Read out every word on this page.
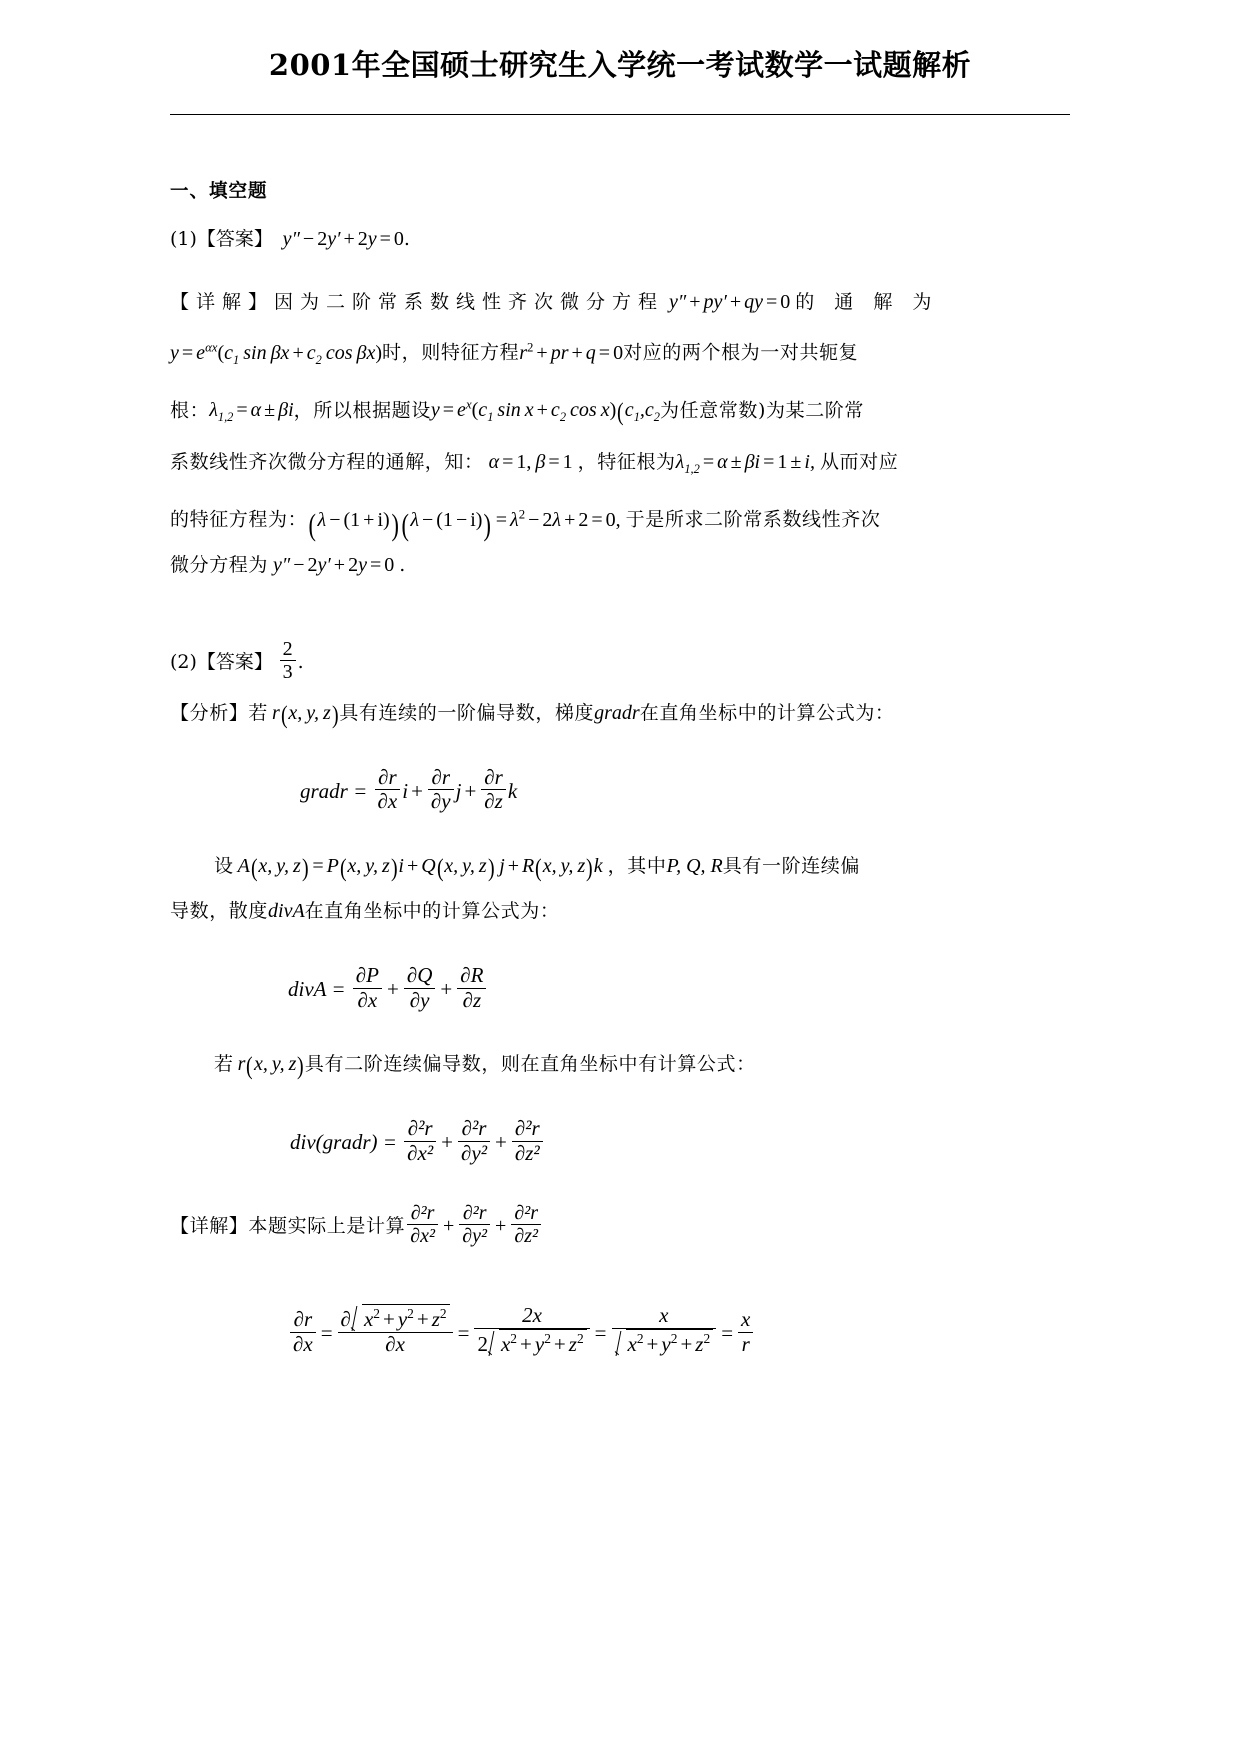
2001年全国硕士研究生入学统一考试数学一试题解析
一、填空题
(1)【答案】  y″ − 2y′ + 2y = 0.
【详解】因为二阶常系数线性齐次微分方程 y″ + py′ + qy = 0 的 通 解 为
$y = e^{\alpha x}(c_1$  $\sin \beta x + c_2$  cos βx)时，则特征方程$r^2$ + pr + q = 0对应的两个根为一对共轭复
根：$\lambda_{1,2} = \alpha \pm \beta i$，所以根据题设$y = e^x(c_1$  $\sin x + c_2$  $\cos x)(c_1,c_2$为任意常数)为某二阶常
系数线性齐次微分方程的通解，知： α = 1, β = 1 ，特征根为$\lambda_{1,2} = \alpha \pm \beta i = 1 \pm i$, 从而对应
的特征方程为：$(\lambda - (1 + i))(\lambda - (1 - i)) = \lambda^2 - 2\lambda + 2 = 0$, 于是所求二阶常系数线性齐次
微分方程为 y″ − 2y′ + 2y = 0 .
(2)【答案】 $\frac{2}{3}$ .
【分析】若 r(x, y, z)具有连续的一阶偏导数，梯度gradr在直角坐标中的计算公式为：
gradr = $\frac{\partial r}{\partial x}$ $i + \frac{\partial r}{\partial y}$ $j + \frac{\partial r}{\partial z}$ k
设 A(x, y, z) = P(x, y, z)i + Q(x, y, z) j + R(x, y, z)k ，其中P, Q, R具有一阶连续偏
导数，散度divA在直角坐标中的计算公式为：
divA = $\frac{\partial P}{\partial x} + \frac{\partial Q}{\partial y} + \frac{\partial R}{\partial z}$
若 r(x, y, z)具有二阶连续偏导数，则在直角坐标中有计算公式：
div(gradr) = $\frac{\text{∂²r}}{\text{∂x²}} + \frac{\text{∂²r}}{\text{∂y²}} + \frac{\text{∂²r}}{\text{∂z²}}$
【详解】本题实际上是计算 $\frac{\text{∂²r}}{\text{∂x²}} + \frac{\text{∂²r}}{\text{∂y²}} + \frac{\text{∂²r}}{\text{∂z²}}$
$\frac{\partial r}{\partial x} = \frac{\partial x^2 + y^2 + z^2}{\partial x} = \frac{2x}{2 x^2 + y^2 + z^2} = \frac{x}{x^2 + y^2 + z^2} = \frac{x}{r}$
